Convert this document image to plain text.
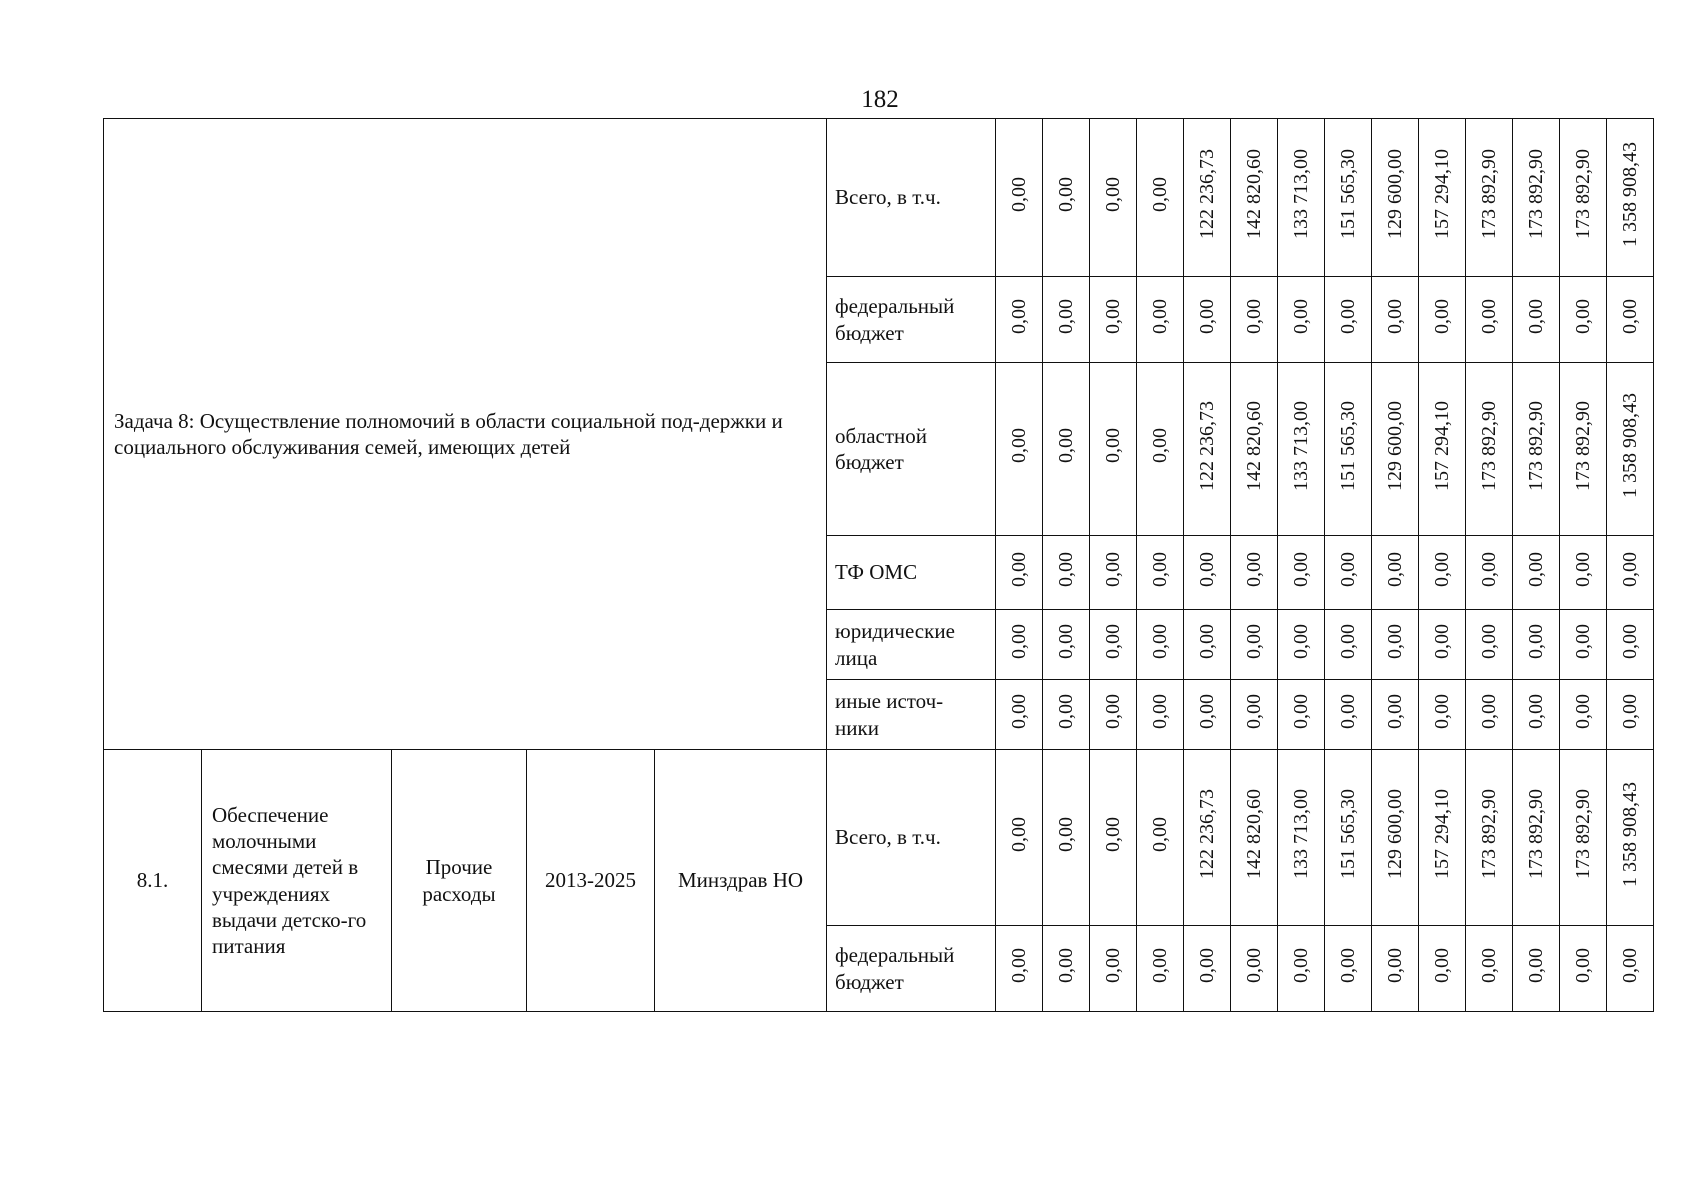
182
Задача 8: Осуществление полномочий в области социальной под-держки и социального обслуживания семей, имеющих детей					Всего, в т.ч.	0,00	0,00	0,00	0,00	122 236,73	142 820,60	133 713,00	151 565,30	129 600,00	157 294,10	173 892,90	173 892,90	173 892,90	1 358 908,43
					федеральный бюджет	0,00	0,00	0,00	0,00	0,00	0,00	0,00	0,00	0,00	0,00	0,00	0,00	0,00	0,00
					областной бюджет	0,00	0,00	0,00	0,00	122 236,73	142 820,60	133 713,00	151 565,30	129 600,00	157 294,10	173 892,90	173 892,90	173 892,90	1 358 908,43
					ТФ ОМС	0,00	0,00	0,00	0,00	0,00	0,00	0,00	0,00	0,00	0,00	0,00	0,00	0,00	0,00
					юридические лица	0,00	0,00	0,00	0,00	0,00	0,00	0,00	0,00	0,00	0,00	0,00	0,00	0,00	0,00
					иные источ-ники	0,00	0,00	0,00	0,00	0,00	0,00	0,00	0,00	0,00	0,00	0,00	0,00	0,00	0,00
8.1.	Обеспечение молочными смесями детей в учреждениях выдачи детско-го питания	Прочие расходы	2013-2025	Минздрав НО	Всего, в т.ч.	0,00	0,00	0,00	0,00	122 236,73	142 820,60	133 713,00	151 565,30	129 600,00	157 294,10	173 892,90	173 892,90	173 892,90	1 358 908,43
					федеральный бюджет	0,00	0,00	0,00	0,00	0,00	0,00	0,00	0,00	0,00	0,00	0,00	0,00	0,00	0,00
